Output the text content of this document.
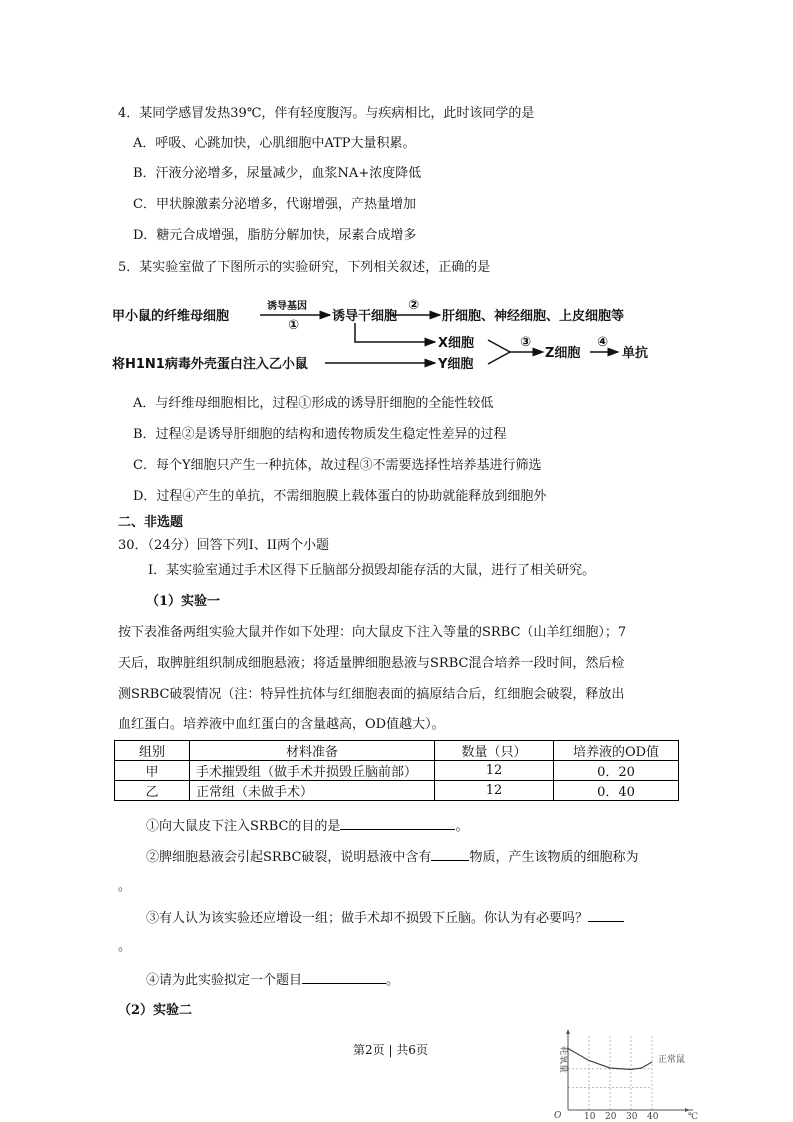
4．某同学感冒发热39℃，伴有轻度腹泻。与疾病相比，此时该同学的是
A．呼吸、心跳加快，心肌细胞中ATP大量积累。
B．汗液分泌增多，尿量减少，血浆NA+浓度降低
C．甲状腺激素分泌增多，代谢增强，产热量增加
D．糖元合成增强，脂肪分解加快，尿素合成增多
5．某实验室做了下图所示的实验研究，下列相关叙述，正确的是
甲小鼠的纤维母细胞
诱导基因
①
诱导干细胞
②
肝细胞、神经细胞、上皮细胞等
X细胞
将H1N1病毒外壳蛋白注入乙小鼠	Y细胞
③
Z细胞
④
单抗
A．与纤维母细胞相比，过程①形成的诱导肝细胞的全能性较低
B．过程②是诱导肝细胞的结构和遗传物质发生稳定性差异的过程
C．每个Y细胞只产生一种抗体，故过程③不需要选择性培养基进行筛选
D．过程④产生的单抗，不需细胞膜上载体蛋白的协助就能释放到细胞外
二、非选题
30．（24分）回答下列I、II两个小题
I．某实验室通过手术区得下丘脑部分损毁却能存活的大鼠，进行了相关研究。
（1）实验一
按下表准备两组实验大鼠并作如下处理：向大鼠皮下注入等量的SRBC（山羊红细胞）；7
天后，取脾脏组织制成细胞悬液；将适量脾细胞悬液与SRBC混合培养一段时间，然后检
测SRBC破裂情况（注：特异性抗体与红细胞表面的搞原结合后，红细胞会破裂，释放出
血红蛋白。培养液中血红蛋白的含量越高，OD值越大）。
组别	材料准备	数量（只）	培养液的OD值
甲	手术摧毁组（做手术并损毁丘脑前部）	12	0．20
乙	正常组（未做手术）	12	0．40
①向大鼠皮下注入SRBC的目的是	。
②脾细胞悬液会引起SRBC破裂，说明悬液中含有	物质，产生该物质的细胞称为
。
③有人认为该实验还应增设一组；做手术却不损毁下丘脑。你认为有必要吗？
。
④请为此实验拟定一个题目	。
（2）实验二
第2页 | 共6页
O	℃
耗氧量
10 20 30 40
正常鼠
